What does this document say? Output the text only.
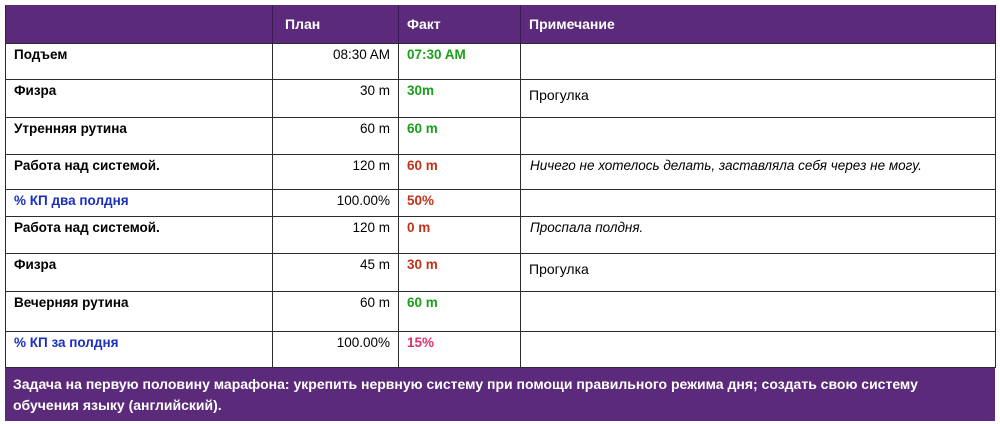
	План	Факт	Примечание
Подъем	08:30 AM	07:30 AM	
Физра	30 m	30m	Прогулка
Утренняя рутина	60 m	60 m	
Работа над системой.	120 m	60 m	Ничего не хотелось делать, заставляла себя через не могу.
% КП два полдня	100.00%	50%	
Работа над системой.	120 m	0 m	Проспала полдня.
Физра	45 m	30 m	Прогулка
Вечерняя рутина	60 m	60 m	
% КП за полдня	100.00%	15%	
Задача на первую половину марафона: укрепить нервную систему при помощи правильного режима дня; создать свою систему обучения языку (английский).
